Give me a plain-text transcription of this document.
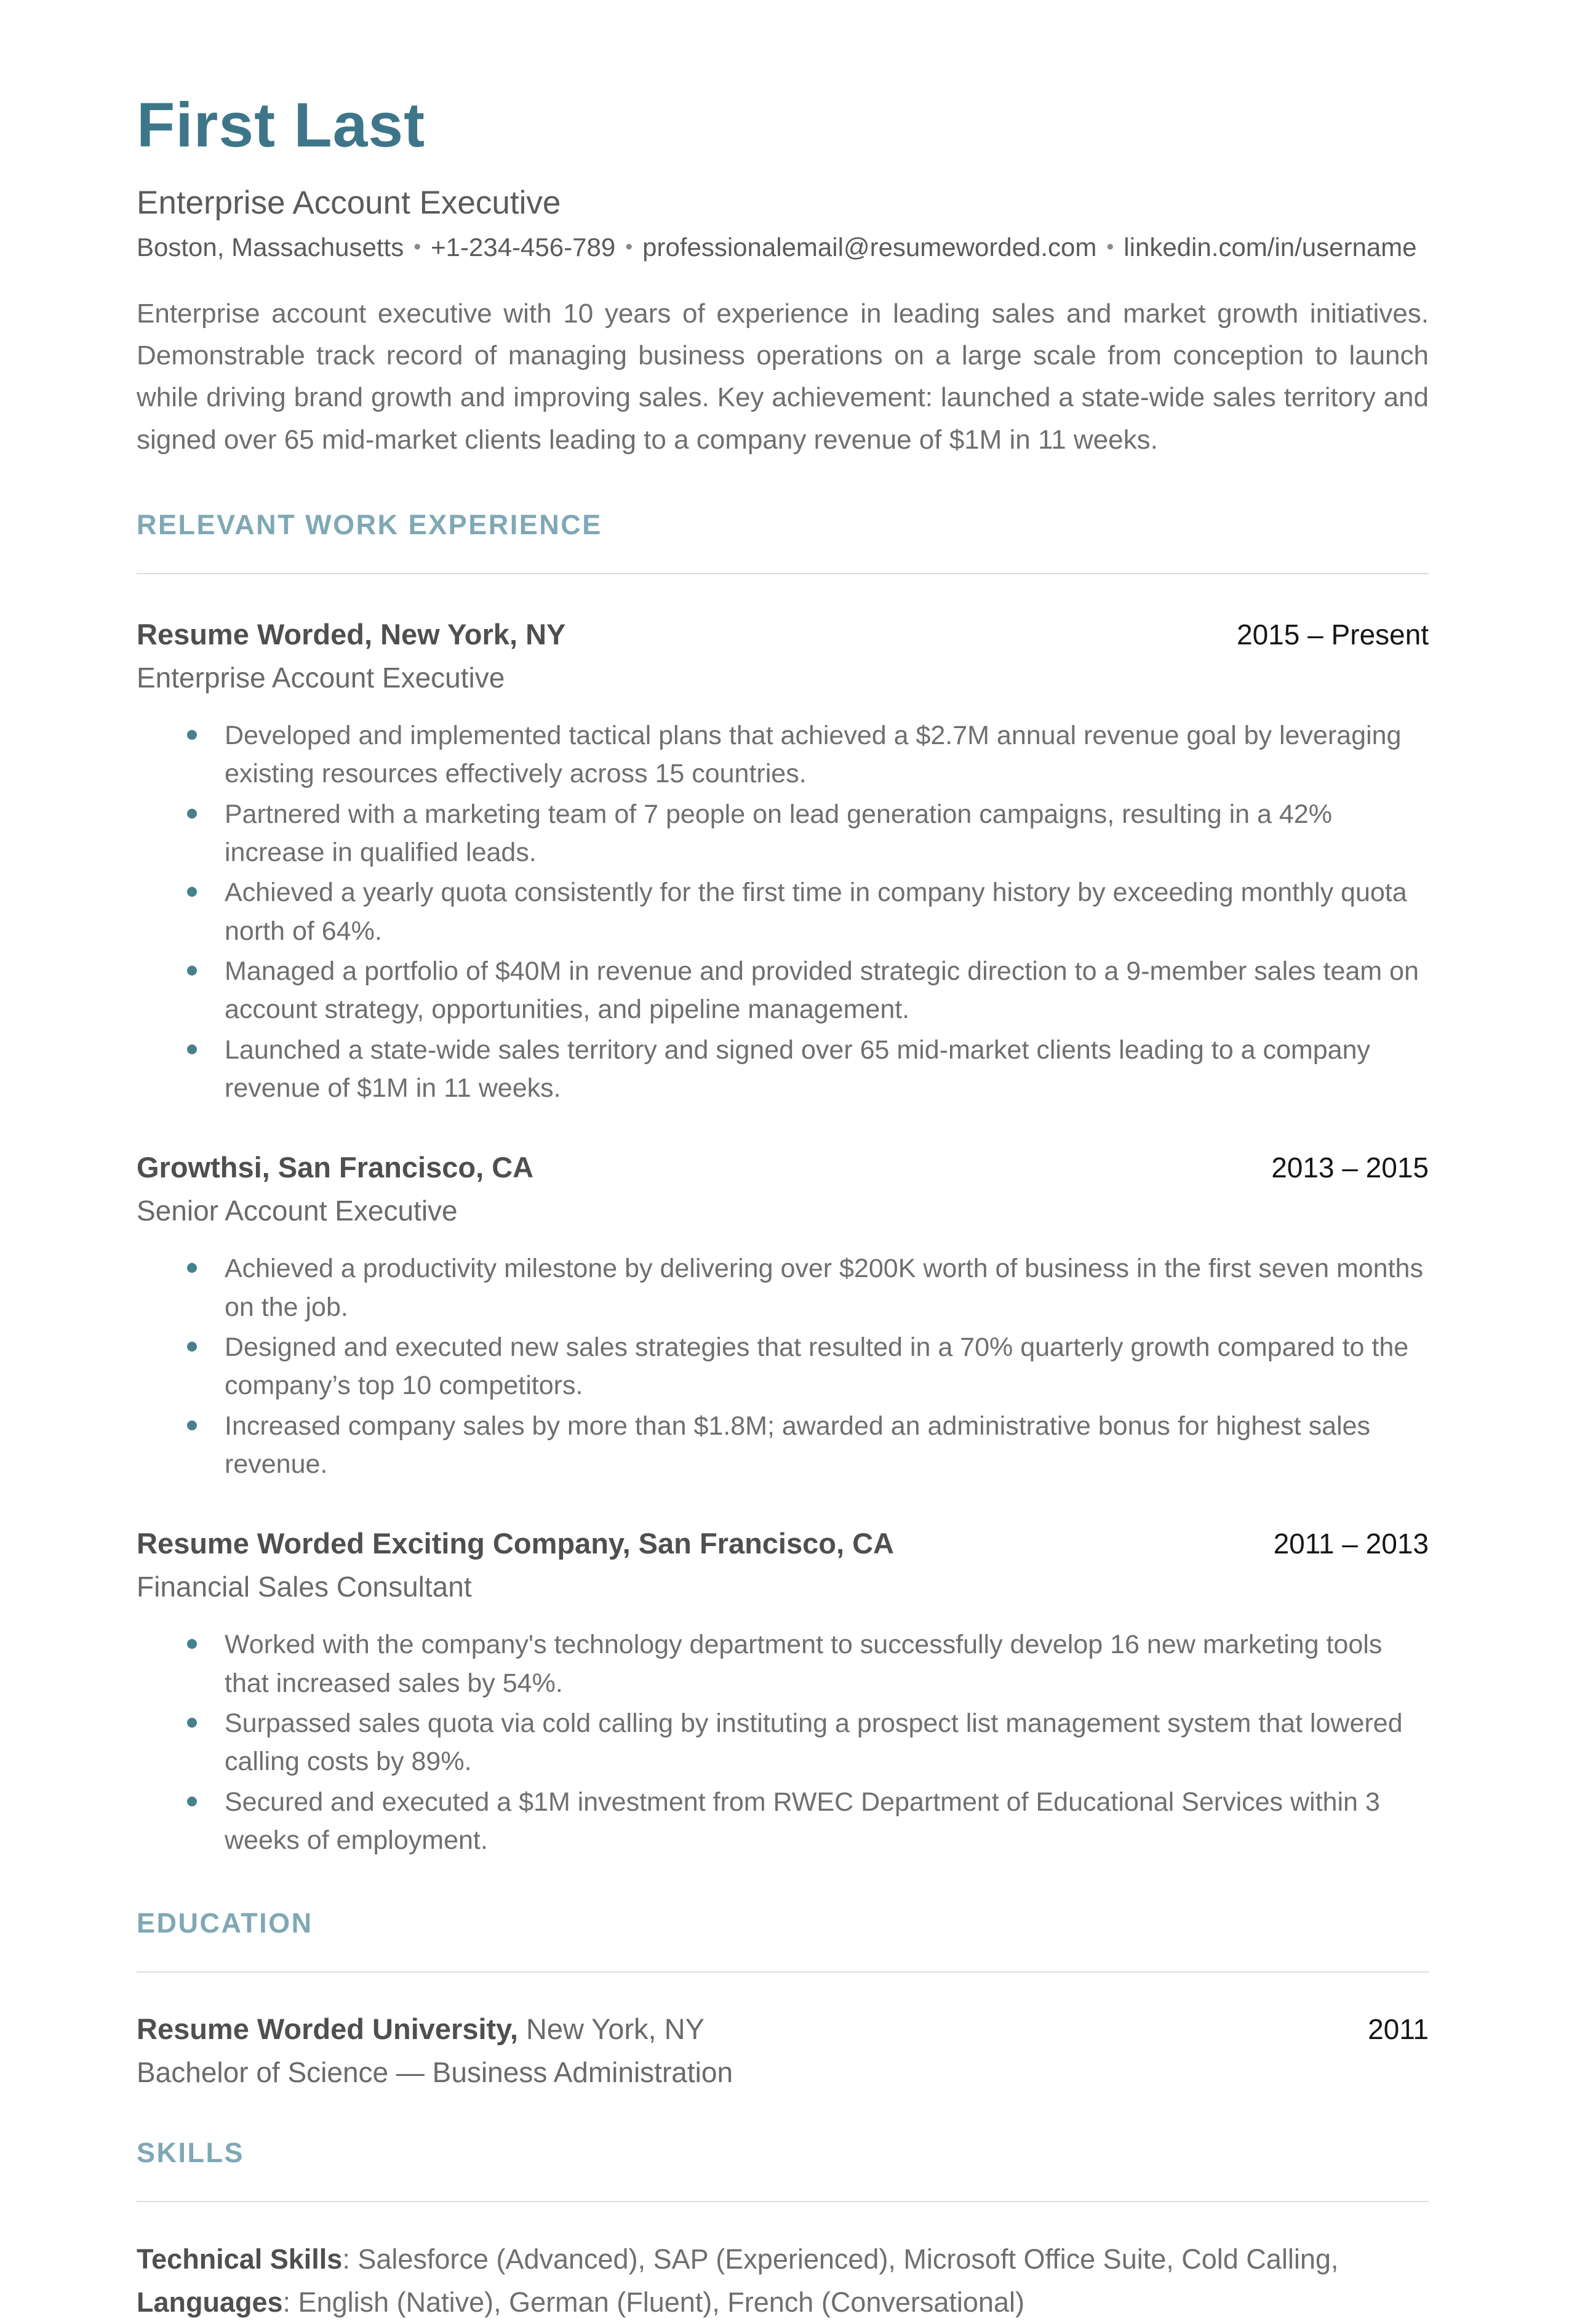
First Last
Enterprise Account Executive
Boston, Massachusetts • +1-234-456-789 • professionalemail@resumeworded.com • linkedin.com/in/username

Enterprise account executive with 10 years of experience in leading sales and market growth initiatives. Demonstrable track record of managing business operations on a large scale from conception to launch while driving brand growth and improving sales. Key achievement: launched a state-wide sales territory and signed over 65 mid-market clients leading to a company revenue of $1M in 11 weeks.

RELEVANT WORK EXPERIENCE
Resume Worded, New York, NY	2015 – Present
Enterprise Account Executive
Developed and implemented tactical plans that achieved a $2.7M annual revenue goal by leveraging existing resources effectively across 15 countries.
Partnered with a marketing team of 7 people on lead generation campaigns, resulting in a 42% increase in qualified leads.
Achieved a yearly quota consistently for the first time in company history by exceeding monthly quota north of 64%.
Managed a portfolio of $40M in revenue and provided strategic direction to a 9-member sales team on account strategy, opportunities, and pipeline management.
Launched a state-wide sales territory and signed over 65 mid-market clients leading to a company revenue of $1M in 11 weeks.
Growthsi, San Francisco, CA	2013 – 2015
Senior Account Executive
Achieved a productivity milestone by delivering over $200K worth of business in the first seven months on the job.
Designed and executed new sales strategies that resulted in a 70% quarterly growth compared to the company’s top 10 competitors.
Increased company sales by more than $1.8M; awarded an administrative bonus for highest sales revenue.
Resume Worded Exciting Company, San Francisco, CA	2011 – 2013
Financial Sales Consultant
Worked with the company's technology department to successfully develop 16 new marketing tools that increased sales by 54%.
Surpassed sales quota via cold calling by instituting a prospect list management system that lowered calling costs by 89%.
Secured and executed a $1M investment from RWEC Department of Educational Services within 3 weeks of employment.
EDUCATION
Resume Worded University, New York, NY	2011
Bachelor of Science — Business Administration
SKILLS
Technical Skills: Salesforce (Advanced), SAP (Experienced), Microsoft Office Suite, Cold Calling,
Languages: English (Native), German (Fluent), French (Conversational)
